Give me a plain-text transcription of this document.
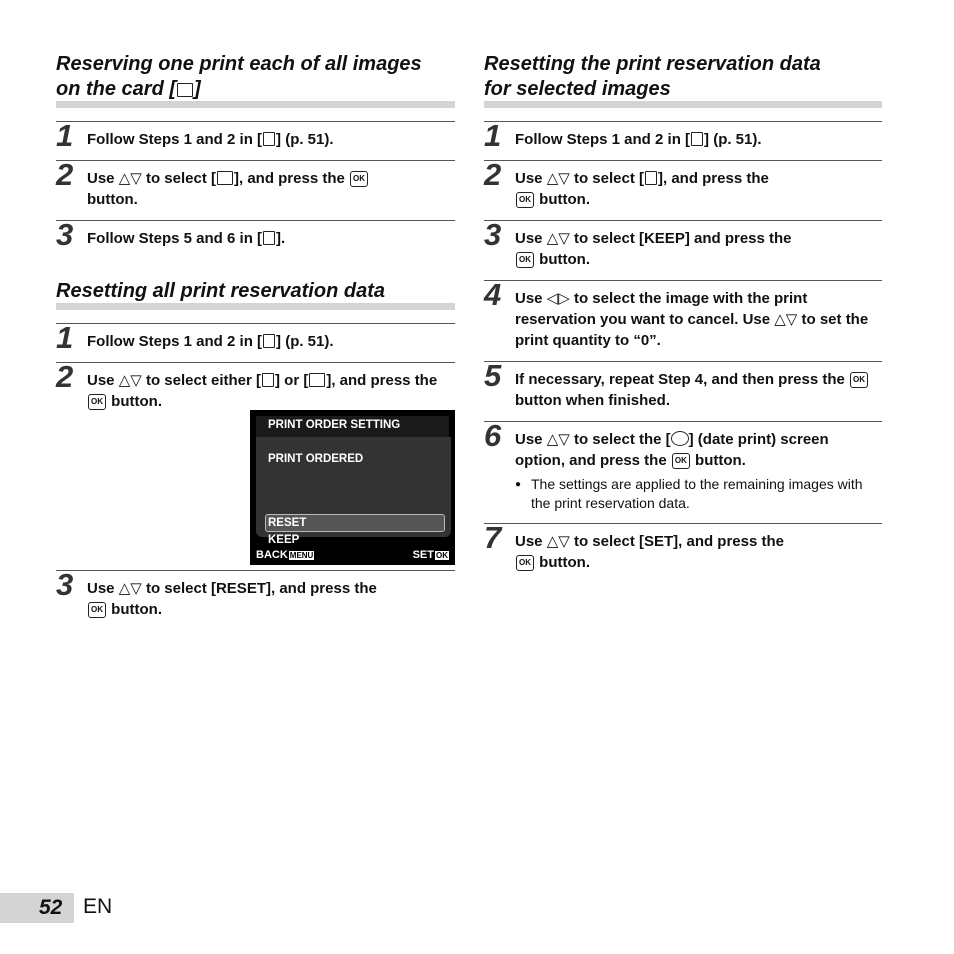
Reserving one print each of all images
on the card [ ]
1 Follow Steps 1 and 2 in [ ] (p. 51).
2 Use △▽ to select [ ], and press the OK
button.
3 Follow Steps 5 and 6 in [ ].
Resetting all print reservation data
1 Follow Steps 1 and 2 in [ ] (p. 51).
2 Use △▽ to select either [ ] or [ ], and press the OK button.
3 Use △▽ to select [RESET], and press the
OK button.
PRINT ORDER SETTING
PRINT ORDERED
RESET
KEEP
BACK MENU	SET OK
Resetting the print reservation data
for selected images
1 Follow Steps 1 and 2 in [ ] (p. 51).
2 Use △▽ to select [ ], and press the
OK button.
3 Use △▽ to select [KEEP] and press the
OK button.
4 Use ◁▷ to select the image with the print reservation you want to cancel. Use △▽ to set the print quantity to “0”.
5 If necessary, repeat Step 4, and then press the OK button when finished.
6 Use △▽ to select the [ ] (date print) screen option, and press the OK button.
● The settings are applied to the remaining images with the print reservation data.
7 Use △▽ to select [SET], and press the
OK button.
52 EN
